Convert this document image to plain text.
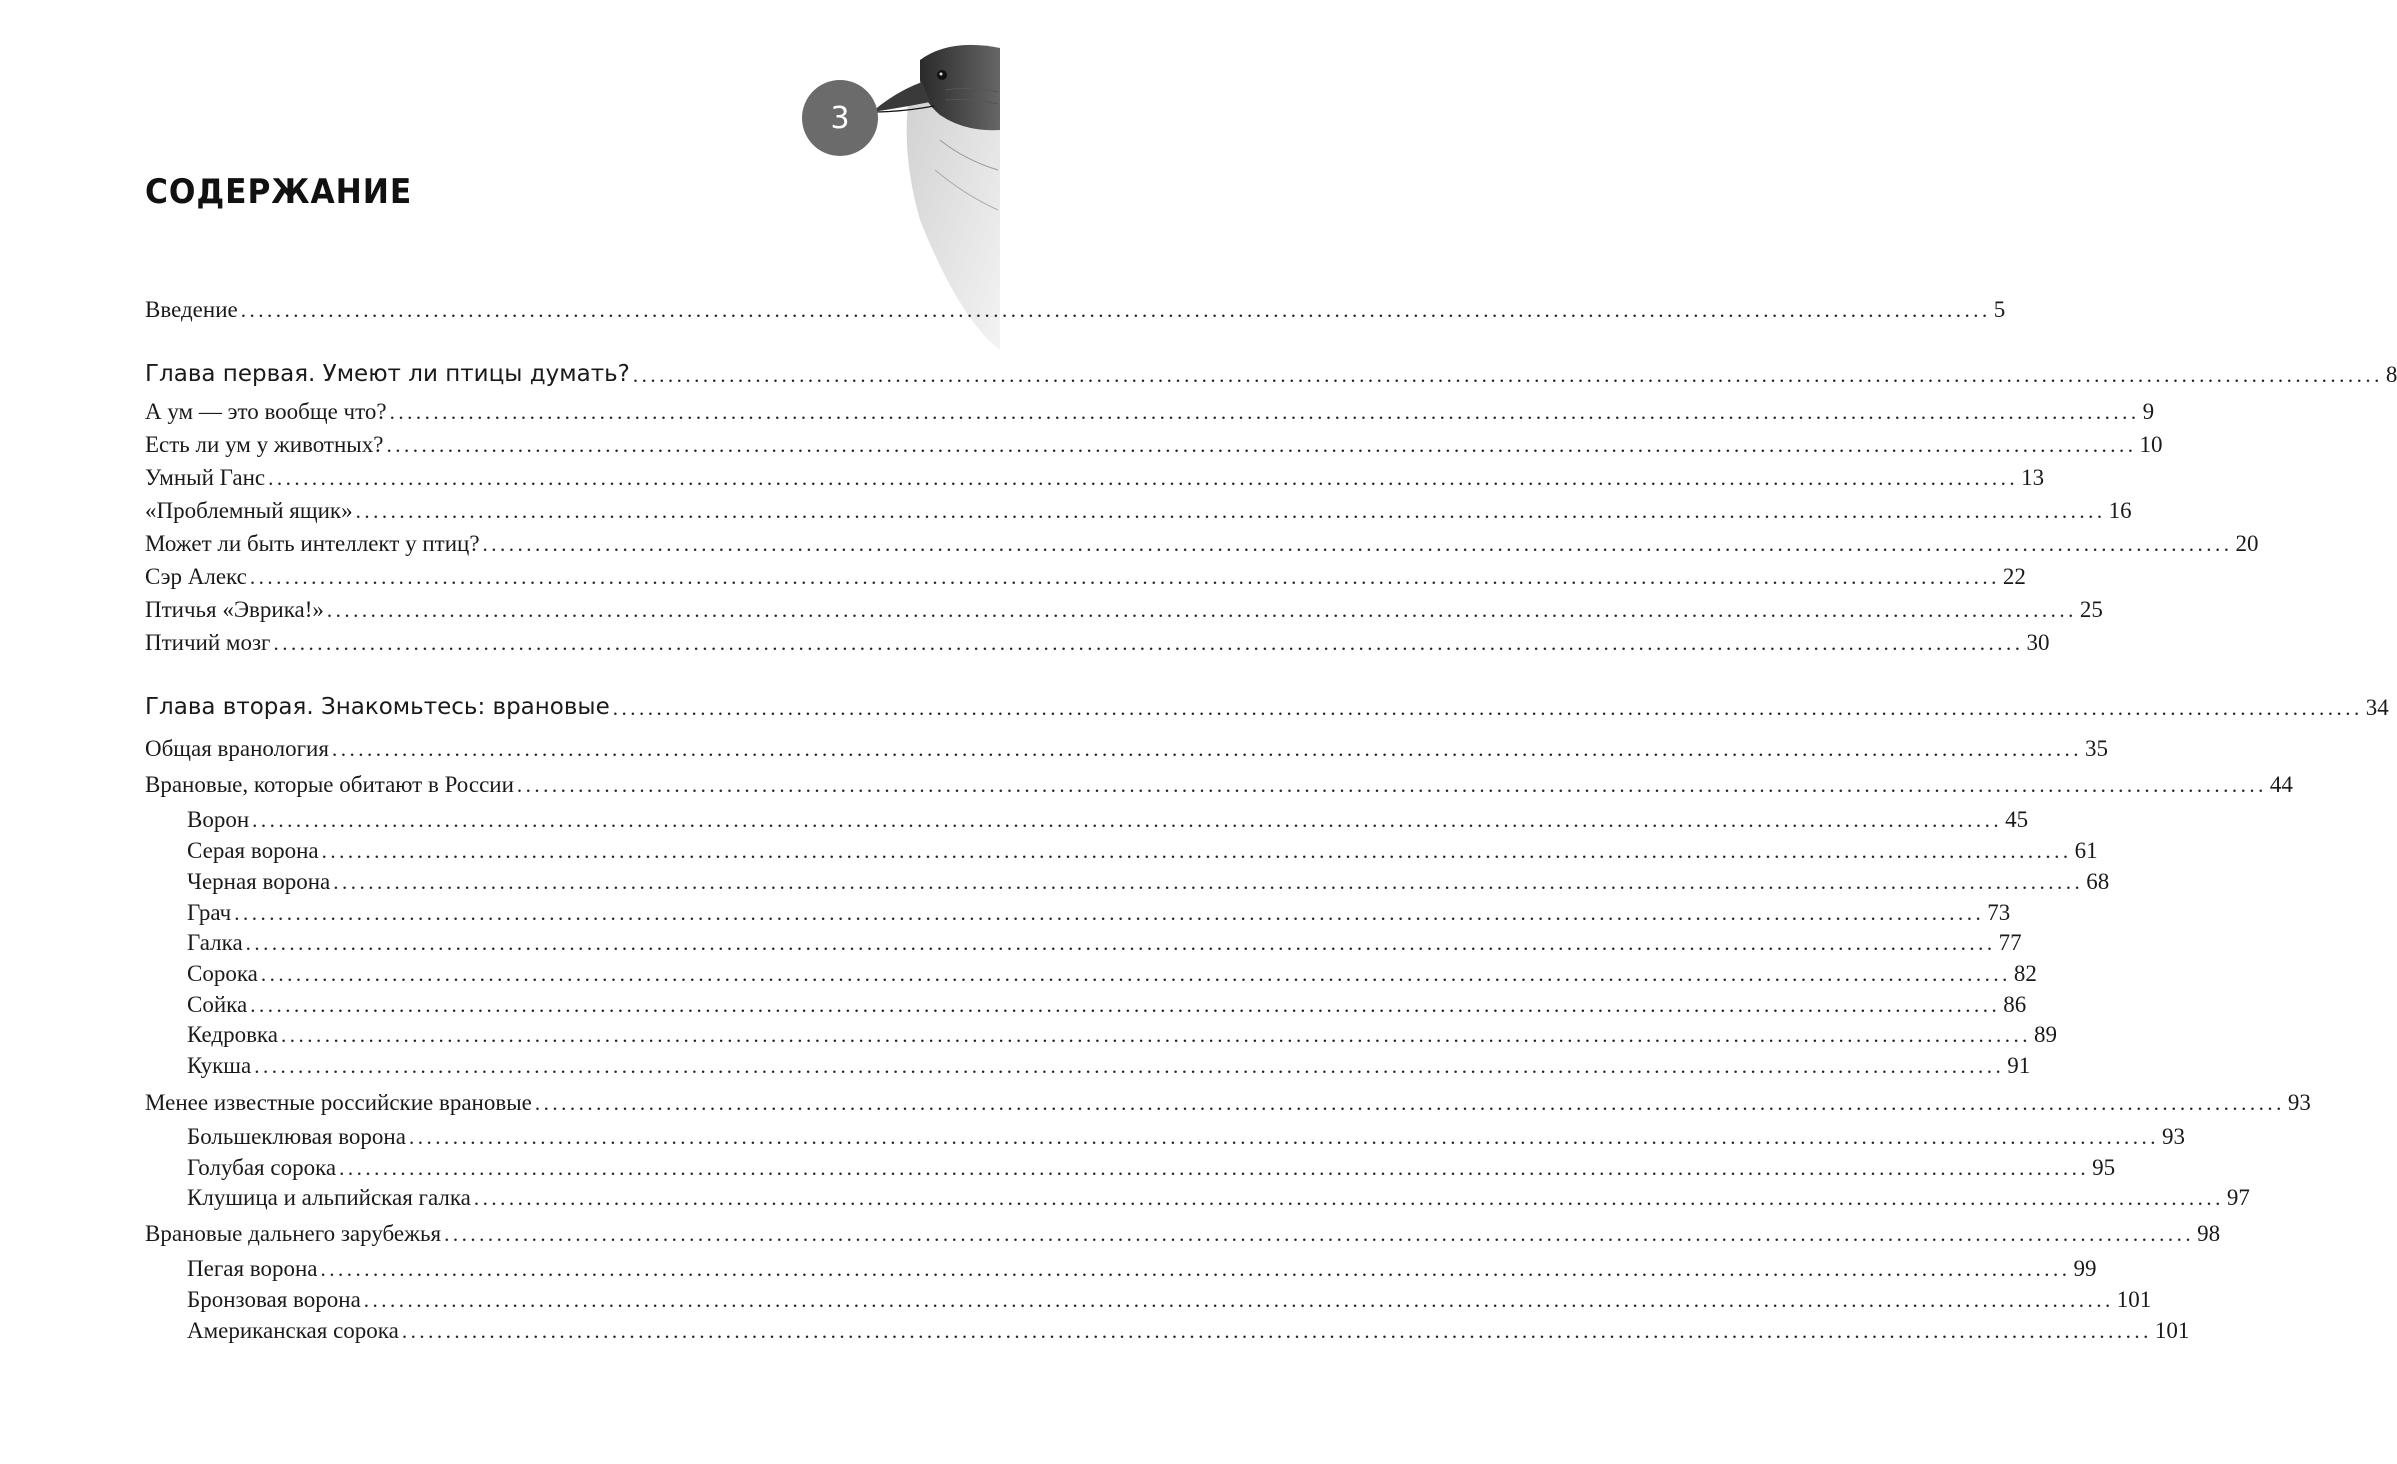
3
СОДЕРЖАНИЕ
Введение ........................................................................................................................................................................................................ 5
Глава первая. Умеют ли птицы думать? ........................................................................................................................................................................................................ 8
А ум — это вообще что? ........................................................................................................................................................................................................ 9
Есть ли ум у животных? ........................................................................................................................................................................................................ 10
Умный Ганс ........................................................................................................................................................................................................ 13
«Проблемный ящик» ........................................................................................................................................................................................................ 16
Может ли быть интеллект у птиц? ........................................................................................................................................................................................................ 20
Сэр Алекс ........................................................................................................................................................................................................ 22
Птичья «Эврика!» ........................................................................................................................................................................................................ 25
Птичий мозг ........................................................................................................................................................................................................ 30
Глава вторая. Знакомьтесь: врановые ........................................................................................................................................................................................................ 34
Общая вранология ........................................................................................................................................................................................................ 35
Врановые, которые обитают в России ........................................................................................................................................................................................................ 44
Ворон ........................................................................................................................................................................................................ 45
Серая ворона ........................................................................................................................................................................................................ 61
Черная ворона ........................................................................................................................................................................................................ 68
Грач ........................................................................................................................................................................................................ 73
Галка ........................................................................................................................................................................................................ 77
Сорока ........................................................................................................................................................................................................ 82
Сойка ........................................................................................................................................................................................................ 86
Кедровка ........................................................................................................................................................................................................ 89
Кукша ........................................................................................................................................................................................................ 91
Менее известные российские врановые ........................................................................................................................................................................................................ 93
Большеклювая ворона ........................................................................................................................................................................................................ 93
Голубая сорока ........................................................................................................................................................................................................ 95
Клушица и альпийская галка ........................................................................................................................................................................................................ 97
Врановые дальнего зарубежья ........................................................................................................................................................................................................ 98
Пегая ворона ........................................................................................................................................................................................................ 99
Бронзовая ворона ........................................................................................................................................................................................................ 101
Американская сорока ........................................................................................................................................................................................................ 101
